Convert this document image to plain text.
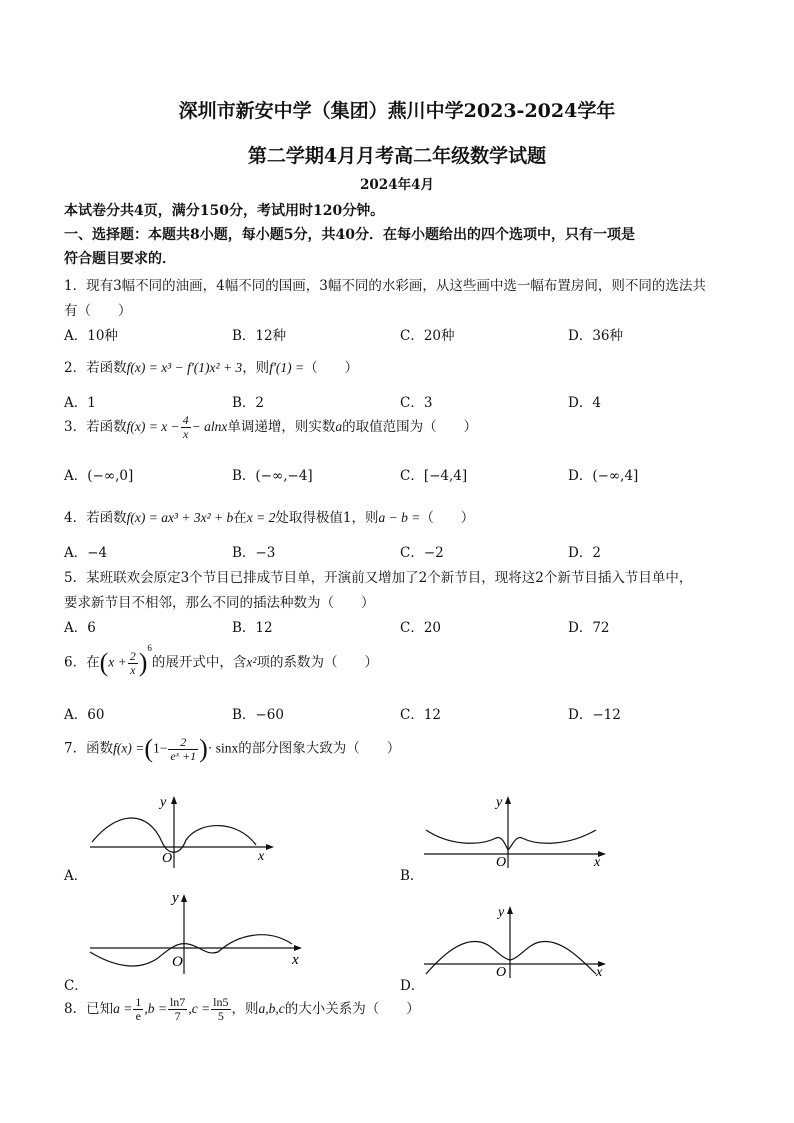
深圳市新安中学（集团）燕川中学2023-2024学年
第二学期4月月考高二年级数学试题
2024年4月
本试卷分共4页，满分150分，考试用时120分钟。
一、选择题：本题共8小题，每小题5分，共40分．在每小题给出的四个选项中，只有一项是
符合题目要求的．
1．现有3幅不同的油画，4幅不同的国画，3幅不同的水彩画，从这些画中选一幅布置房间，则不同的选法共
有（　　）
A．10种	B．12种	C．20种	D．36种
2．若函数f(x) = x³ − f′(1)x² + 3，则f′(1) =（　　）
A．1	B．2	C．3	D．4
3．若函数$f(x) = x - \frac{4}{x} - alnx$单调递增，则实数a的取值范围为（　　）
A．(−∞,0]	B．(−∞,−4]	C．[−4,4]	D．(−∞,4]
4．若函数f(x) = ax³ + 3x² + b在x = 2处取得极值1，则a − b =（　　）
A．−4	B．−3	C．−2	D．2
5．某班联欢会原定3个节目已排成节目单，开演前又增加了2个新节目，现将这2个新节目插入节目单中，
要求新节目不相邻，那么不同的插法种数为（　　）
A．6	B．12	C．20	D．72
6．在$(x + \frac{2}{x} )^6$的展开式中，含x²项的系数为（　　）
A．60	B．−60	C．12	D．−12
7．函数$f(x) =(1- \frac{2}{\text{eˣ +1}}$ )· sinx的部分图象大致为（　　）
x
y
O
A．
x
y
O
B．
x
y
O
C．
x
y
O
D．
8．已知$a = \frac{1}{e} ,b = \frac{\ln 7}{7} ,c = \frac{\ln 5}{5}$ ，则a,b,c的大小关系为（　　）
